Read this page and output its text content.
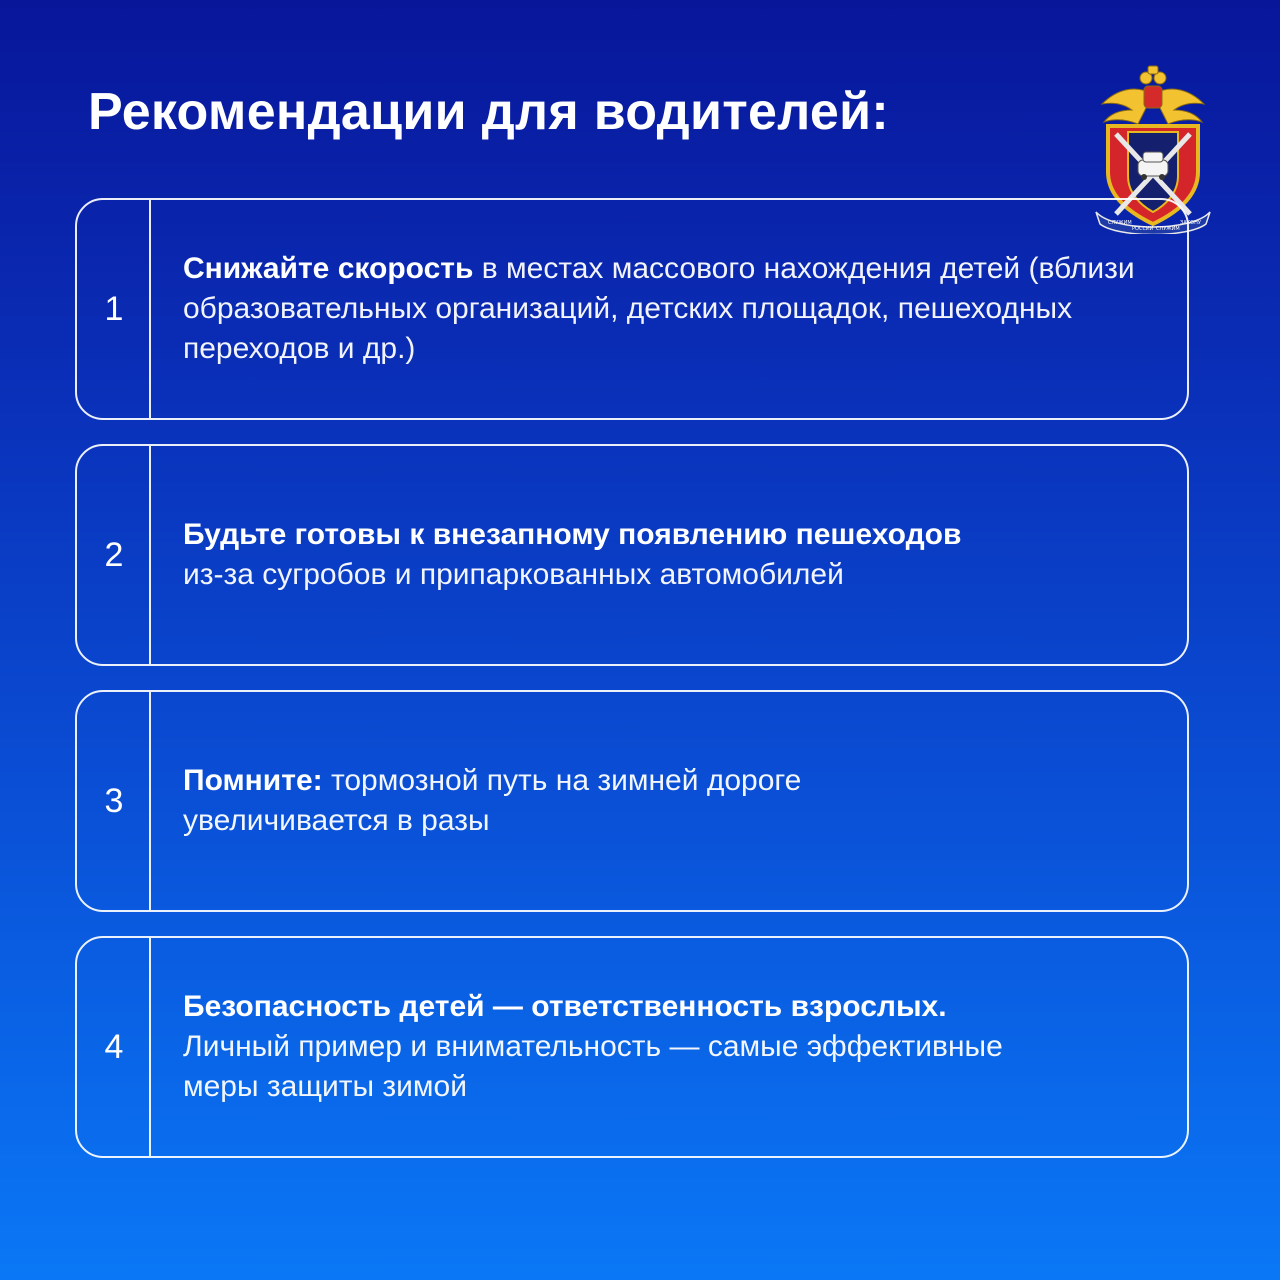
Рекомендации для водителей:
СЛУЖИМ
РОССИИ СЛУЖИМ
ЗАКОНУ
1

Снижайте скорость в местах массового нахождения детей (вблизи образовательных организаций, детских площадок, пешеходных переходов и др.)

2

Будьте готовы к внезапному появлению пешеходов
из-за сугробов и припаркованных автомобилей

3

Помните: тормозной путь на зимней дороге увеличивается в разы

4

Безопасность детей — ответственность взрослых.
Личный пример и внимательность — самые эффективные меры защиты зимой
